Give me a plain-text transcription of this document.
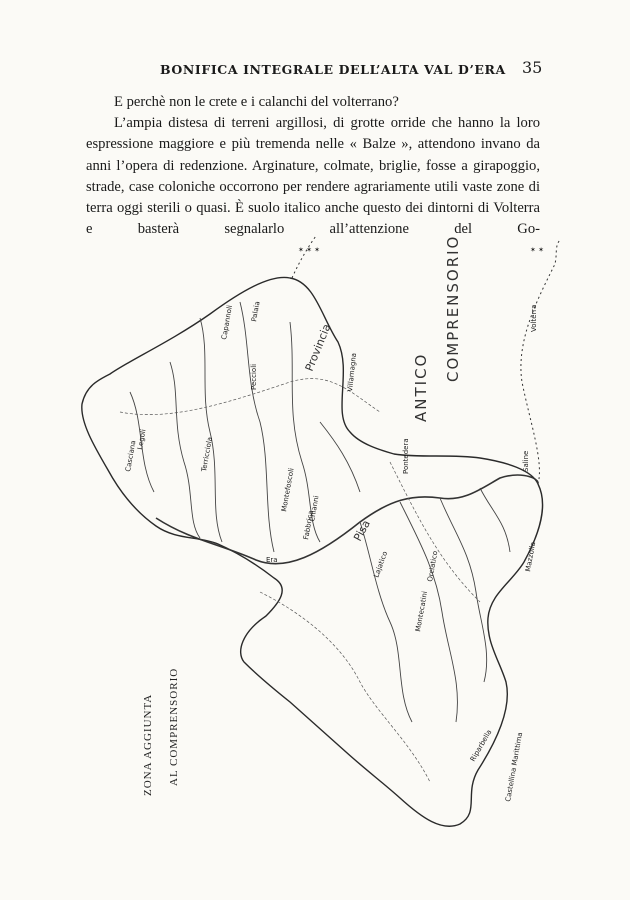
BONIFICA INTEGRALE DELL’ALTA VAL D’ERA 35

E perchè non le crete e i calanchi del volterrano?

L’ampia distesa di terreni argillosi, di grotte orride che hanno la loro espressione maggiore e più tremenda nelle « Balze », attendono invano da anni l’opera di redenzione. Arginature, colmate, briglie, fosse a girapoggio, strade, case coloniche occorrono per rendere agrariamente utili vaste zone di terra oggi sterili o quasi. È suolo italico anche questo dei dintorni di Volterra e basterà segnalarlo all’attenzione del Go-

✶ ✶ ✶	✶ ✶
ANTICO
COMPRENSORIO
Provincia
Pisa
Volterra
Saline
Pontedera
Peccioli
Lajatico
Terricciola
Capannoli Palaia
Montefoscoli Chianni
Casciana
Legoli
Fabbrica
Villamagna
Mazzolla
Castellina Marittima
Era
Montecatini
Riparbella
Orciatico
ZONA AGGIUNTA AL COMPRENSORIO
